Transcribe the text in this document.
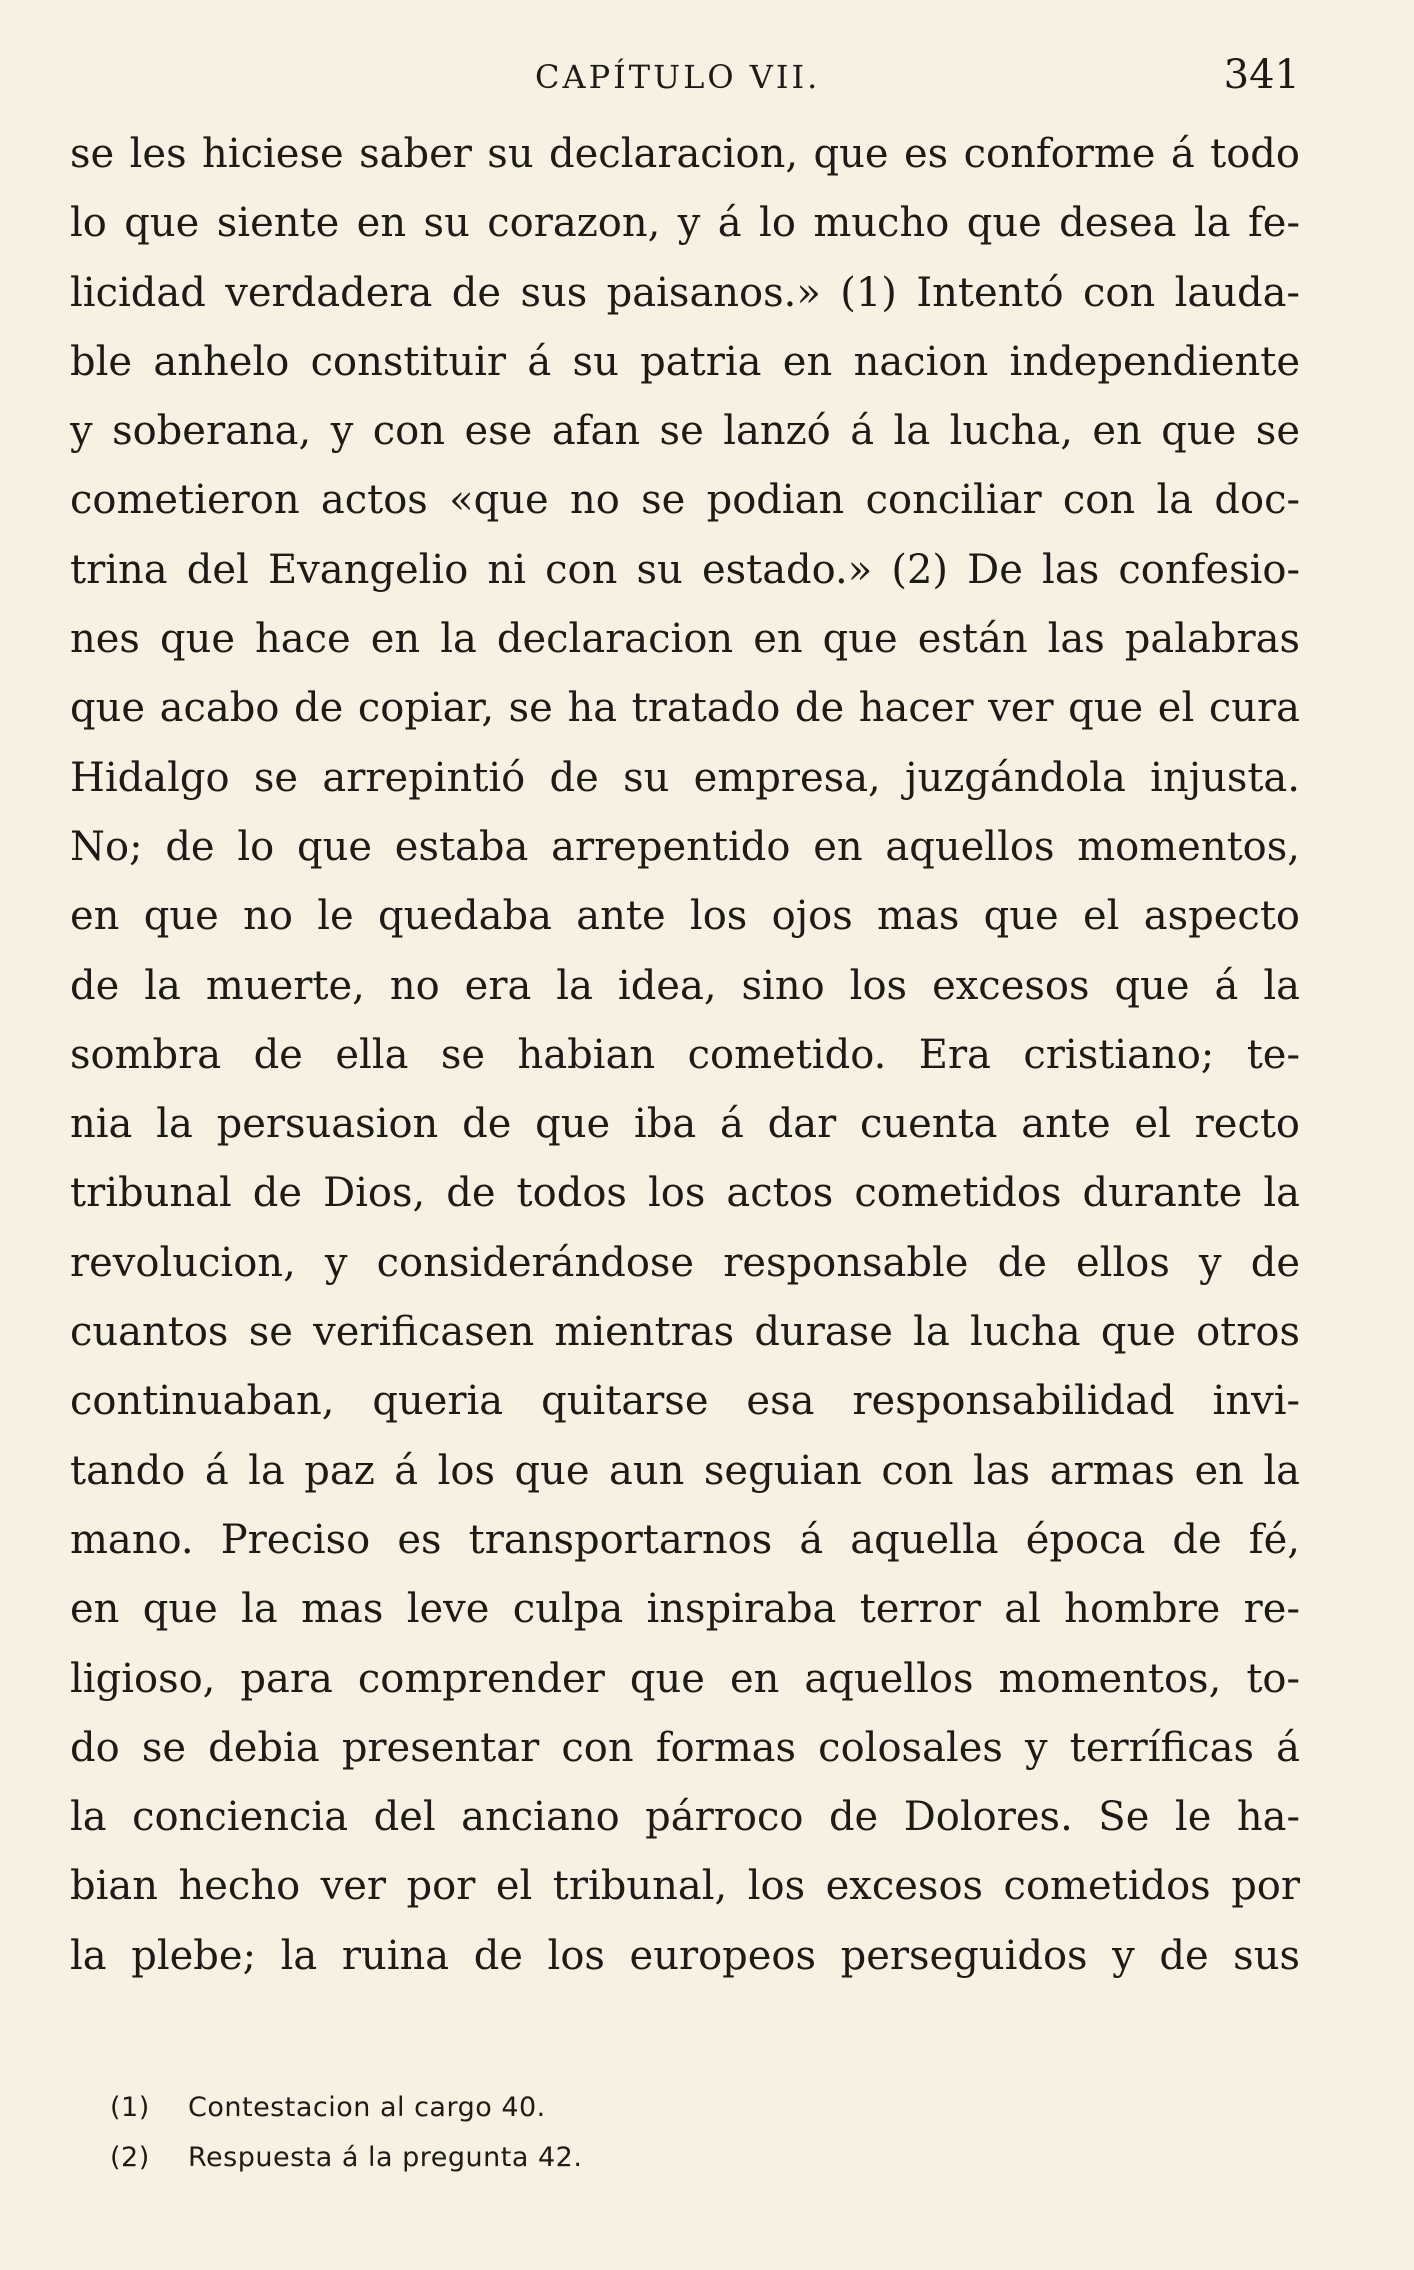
CAPÍTULO VII.	341
se les hiciese saber su declaracion, que es conforme á todo
lo que siente en su corazon, y á lo mucho que desea la fe-
licidad verdadera de sus paisanos.» (1) Intentó con lauda-
ble anhelo constituir á su patria en nacion independiente
y soberana, y con ese afan se lanzó á la lucha, en que se
cometieron actos «que no se podian conciliar con la doc-
trina del Evangelio ni con su estado.» (2) De las confesio-
nes que hace en la declaracion en que están las palabras
que acabo de copiar, se ha tratado de hacer ver que el cura
Hidalgo se arrepintió de su empresa, juzgándola injusta.
No; de lo que estaba arrepentido en aquellos momentos,
en que no le quedaba ante los ojos mas que el aspecto
de la muerte, no era la idea, sino los excesos que á la
sombra de ella se habian cometido. Era cristiano; te-
nia la persuasion de que iba á dar cuenta ante el recto
tribunal de Dios, de todos los actos cometidos durante la
revolucion, y considerándose responsable de ellos y de
cuantos se verificasen mientras durase la lucha que otros
continuaban, queria quitarse esa responsabilidad invi-
tando á la paz á los que aun seguian con las armas en la
mano. Preciso es transportarnos á aquella época de fé,
en que la mas leve culpa inspiraba terror al hombre re-
ligioso, para comprender que en aquellos momentos, to-
do se debia presentar con formas colosales y terríficas á
la conciencia del anciano párroco de Dolores. Se le ha-
bian hecho ver por el tribunal, los excesos cometidos por
la plebe; la ruina de los europeos perseguidos y de sus
(1) Contestacion al cargo 40.
(2) Respuesta á la pregunta 42.
